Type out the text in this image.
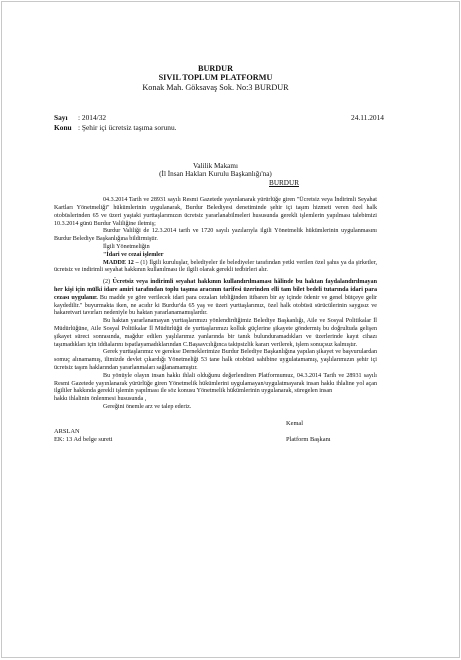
BURDUR
SIVIL TOPLUM PLATFORMU
Konak Mah. Göksavaş Sok. No:3 BURDUR
Sayı : 2014/32	24.11.2014
Konu : Şehir içi ücretsiz taşıma sorunu.
Valilik Makamı
(İl İnsan Hakları Kurulu Başkanlığı'na)
BURDUR

04.3.2014 Tarih ve 28931 sayılı Resmi Gazetede yayınlanarak yürürlüğe giren "Ücretsiz veya İndirimli Seyahat Kartları Yönetmeliği" hükümlerinin uygulanarak, Burdur Belediyesi denetiminde şehir içi taşım hizmeti veren özel halk otobüslerinden 65 ve üzeri yaştaki yurttaşlarımızın ücretsiz yararlanabilmeleri hususunda gerekli işlemlerin yapılması talebimizi 10.3.2014 günü Burdur Valiliğine iletmiş;

Burdur Valiliği de 12.3.2014 tarih ve 1720 sayılı yazılarıyla ilgili Yönetmelik hükümlerinin uygulanmasını Burdur Belediye Başkanlığına bildirmiştir.

İlgili Yönetmeliğin

"İdari ve cezai işlemler

MADDE 12 – (1) İlgili kuruluşlar, belediyeler ile belediyeler tarafından yetki verilen özel şahıs ya da şirketler, ücretsiz ve indirimli seyahat hakkının kullanılması ile ilgili olarak gerekli tedbirleri alır.

(2) Ücretsiz veya indirimli seyahat hakkının kullandırılmaması hâlinde bu haktan faydalandırılmayan her kişi için mülki idare amiri tarafından toplu taşıma aracının tarifesi üzerinden elli tam bilet bedeli tutarında idari para cezası uygulanır. Bu madde ye göre verilecek idari para cezaları tebliğinden itibaren bir ay içinde ödenir ve genel bütçeye gelir kaydedilir." buyurmakta iken, ne acıdır ki Burdur'da 65 yaş ve üzeri yurttaşlarımız, özel halk otobüsü sürücülerinin saygısız ve hakaretvari tavırları nedeniyle bu haktan yararlanamamışlardır.

Bu haktan yararlanamayan yurttaşlarımızı yönlendirdiğimiz Belediye Başkanlığı, Aile ve Sosyal Politikalar İl Müdürlüğüne, Aile Sosyal Politikalar İl Müdürlüğü de yurttaşlarımızı kolluk güçlerine şikayete göndermiş bu doğrultuda gelişen şikayet süreci sonrasında, mağdur edilen yaşlılarımız yanlarında bir tanık bulunduramadıkları ve üzerlerinde kayıt cihazı taşımadıkları için iddialarını ispatlayamadıklarından C.Başsavcılığınca takipsizlik kararı verilerek, işlem sonuçsuz kalmıştır.

Gerek yurttaşlarımız ve gerekse Derneklerimize Burdur Belediye Başkanlığına yapılan şikayet ve başvurulardan somuç alınamamış, ilimizde devlet çıkardığı Yönetmeliği 53 tane halk otobüsü sahibine uygulatamamış, yaşlılarımızın şehir içi ücretsiz taşım haklarından yararlanmaları sağlanamamıştır.

Bu yönüyle olayın insan hakkı ihlali olduğunu değerlendiren Platformumuz, 04.3.2014 Tarih ve 28931 sayılı Resmi Gazetede yayınlanarak yürürlüğe giren Yönetmelik hükümlerini uygulamayan/uygulatmayarak insan hakkı ihlaline yol açan ilgililer hakkında gerekli işlemin yapılması ile söz konusu Yönetmelik hükümlerinin uygulanarak, süregelen insan

hakkı ihlalinin önlenmesi hususunda ,

Gereğini önemle arz ve talep ederiz.

Kemal
ARSLAN
EK: 13 Ad belge sureti	Platform Başkanı
